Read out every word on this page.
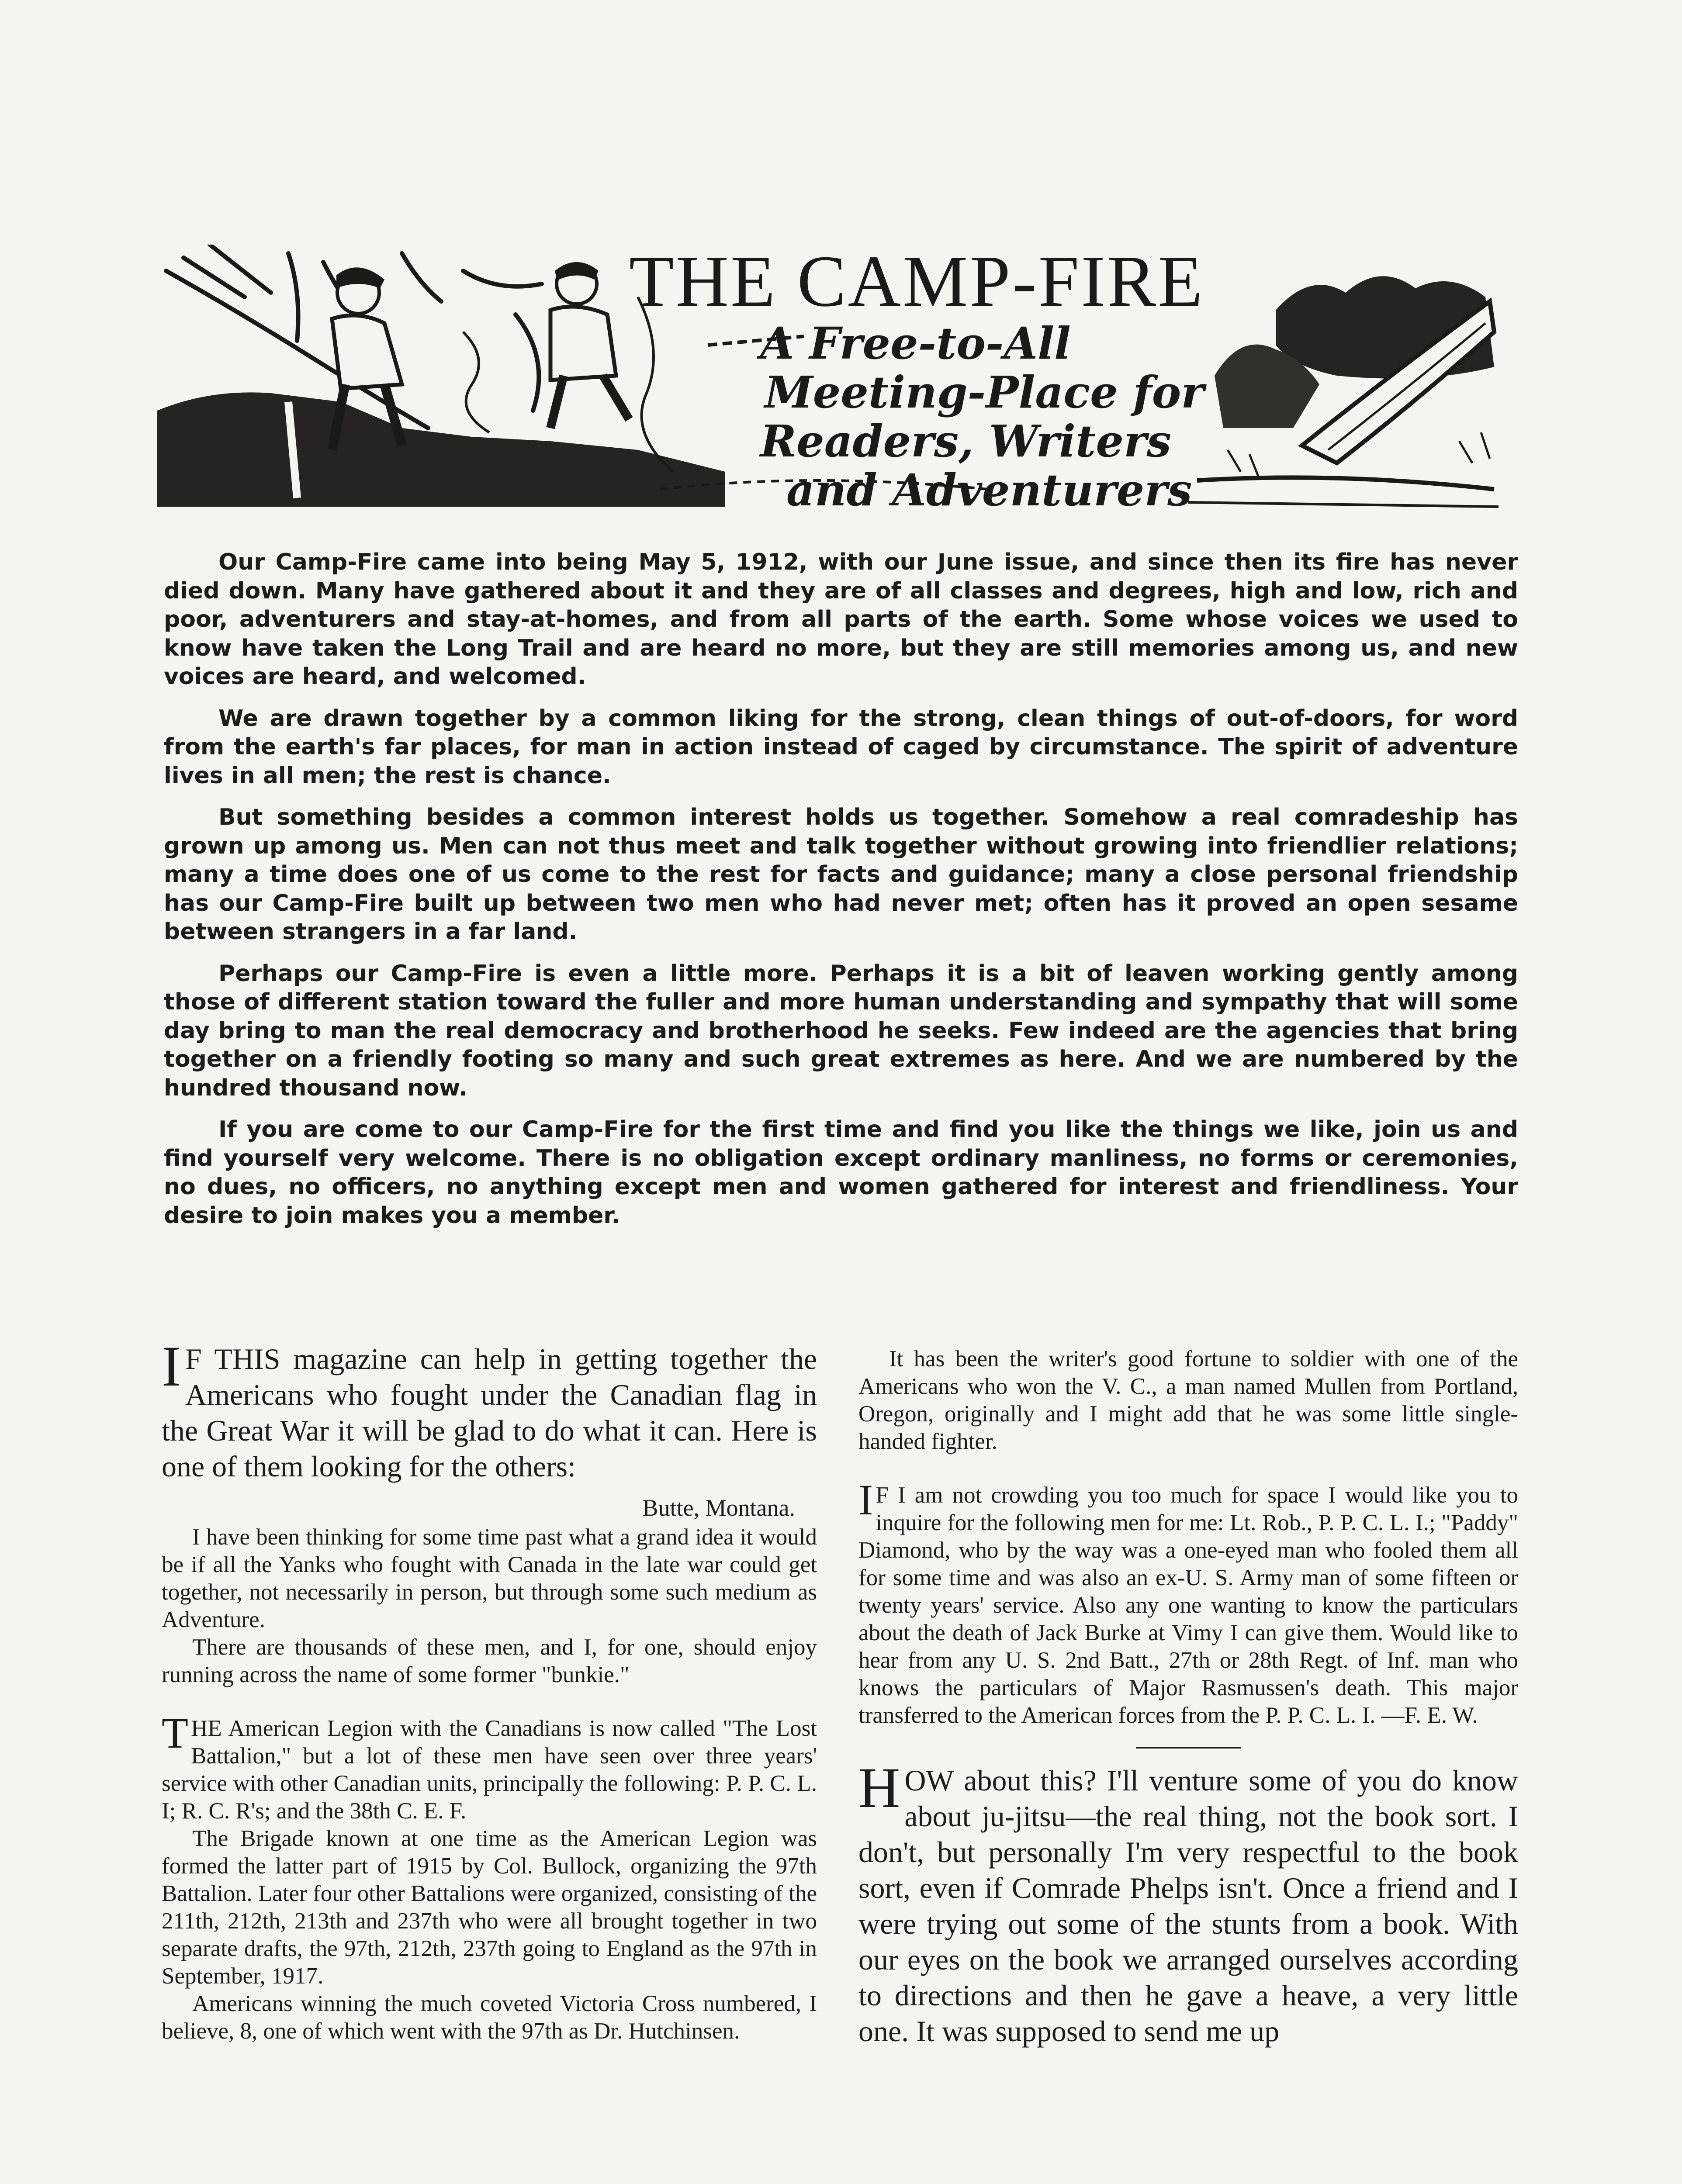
THE CAMP-FIRE
A Free-to-All
Meeting-Place for
Readers, Writers
and Adventurers

Our Camp-Fire came into being May 5, 1912, with our June issue, and since then its fire has never died down. Many have gathered about it and they are of all classes and degrees, high and low, rich and poor, adventurers and stay-at-homes, and from all parts of the earth. Some whose voices we used to know have taken the Long Trail and are heard no more, but they are still memories among us, and new voices are heard, and welcomed.

We are drawn together by a common liking for the strong, clean things of out-of-doors, for word from the earth's far places, for man in action instead of caged by circumstance. The spirit of adventure lives in all men; the rest is chance.

But something besides a common interest holds us together. Somehow a real comradeship has grown up among us. Men can not thus meet and talk together without growing into friendlier relations; many a time does one of us come to the rest for facts and guidance; many a close personal friendship has our Camp-Fire built up between two men who had never met; often has it proved an open sesame between strangers in a far land.

Perhaps our Camp-Fire is even a little more. Perhaps it is a bit of leaven working gently among those of different station toward the fuller and more human understanding and sympathy that will some day bring to man the real democracy and brotherhood he seeks. Few indeed are the agencies that bring together on a friendly footing so many and such great extremes as here. And we are numbered by the hundred thousand now.

If you are come to our Camp-Fire for the first time and find you like the things we like, join us and find yourself very welcome. There is no obligation except ordinary manliness, no forms or ceremonies, no dues, no officers, no anything except men and women gathered for interest and friendliness. Your desire to join makes you a member.

I F THIS magazine can help in getting together the Americans who fought under the Canadian flag in the Great War it will be glad to do what it can. Here is one of them looking for the others:

Butte, Montana.

I have been thinking for some time past what a grand idea it would be if all the Yanks who fought with Canada in the late war could get together, not necessarily in person, but through some such medium as Adventure.

There are thousands of these men, and I, for one, should enjoy running across the name of some former "bunkie."

THE American Legion with the Canadians is now called "The Lost Battalion," but a lot of these men have seen over three years' service with other Canadian units, principally the following: P. P. C. L. I; R. C. R's; and the 38th C. E. F.

The Brigade known at one time as the American Legion was formed the latter part of 1915 by Col. Bullock, organizing the 97th Battalion. Later four other Battalions were organized, consisting of the 211th, 212th, 213th and 237th who were all brought together in two separate drafts, the 97th, 212th, 237th going to England as the 97th in September, 1917.

Americans winning the much coveted Victoria Cross numbered, I believe, 8, one of which went with the 97th as Dr. Hutchinsen.

It has been the writer's good fortune to soldier with one of the Americans who won the V. C., a man named Mullen from Portland, Oregon, originally and I might add that he was some little single-handed fighter.

I F I am not crowding you too much for space I would like you to inquire for the following men for me: Lt. Rob., P. P. C. L. I.; "Paddy" Diamond, who by the way was a one-eyed man who fooled them all for some time and was also an ex-U. S. Army man of some fifteen or twenty years' service. Also any one wanting to know the particulars about the death of Jack Burke at Vimy I can give them. Would like to hear from any U. S. 2nd Batt., 27th or 28th Regt. of Inf. man who knows the particulars of Major Rasmussen's death. This major transferred to the American forces from the P. P. C. L. I. —F. E. W.

HOW about this? I'll venture some of you do know about ju-jitsu—the real thing, not the book sort. I don't, but personally I'm very respectful to the book sort, even if Comrade Phelps isn't. Once a friend and I were trying out some of the stunts from a book. With our eyes on the book we arranged ourselves according to directions and then he gave a heave, a very little one. It was supposed to send me up
